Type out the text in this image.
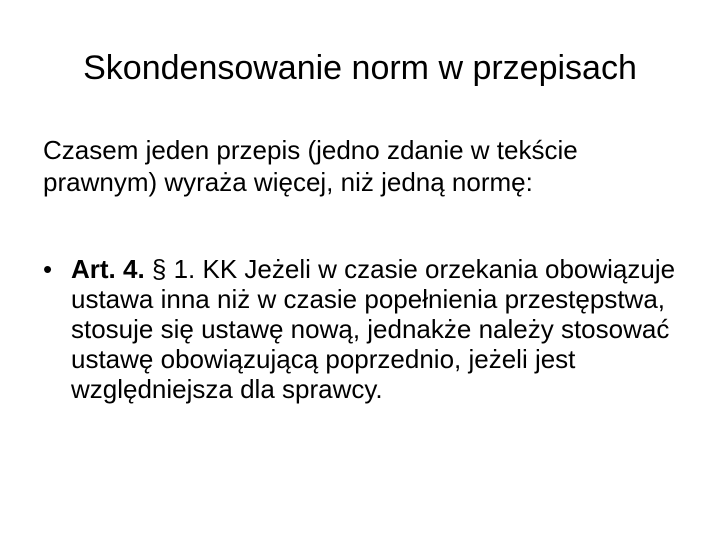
Skondensowanie norm w przepisach

Czasem jeden przepis (jedno zdanie w tekście prawnym) wyraża więcej, niż jedną normę:

• Art. 4. § 1. KK Jeżeli w czasie orzekania obowiązuje ustawa inna niż w czasie popełnienia przestępstwa, stosuje się ustawę nową, jednakże należy stosować ustawę obowiązującą poprzednio, jeżeli jest względniejsza dla sprawcy.
